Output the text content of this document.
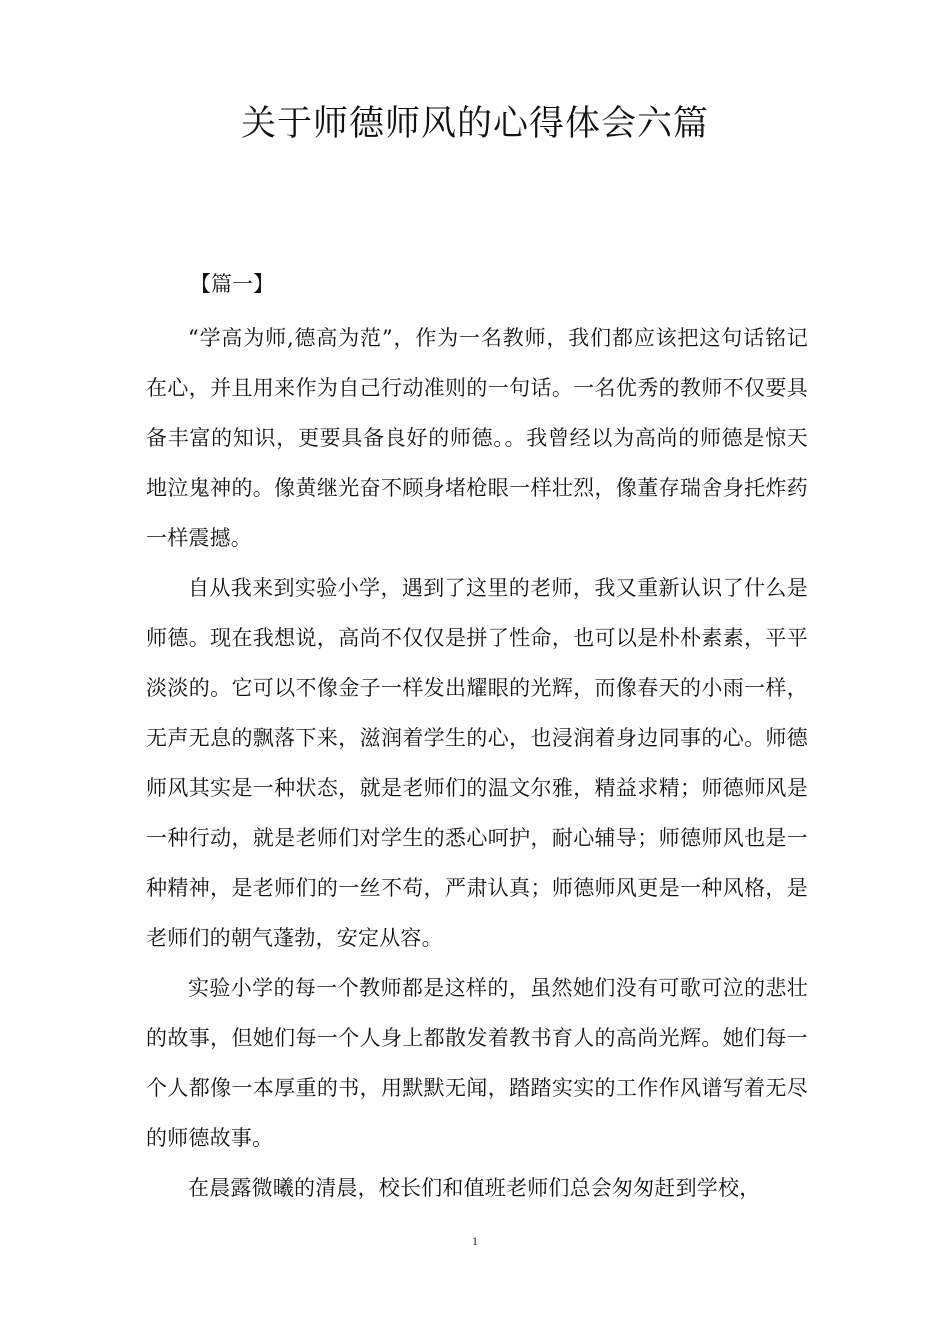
关于师德师风的心得体会六篇
【篇一】

“学高为师,德高为范”，作为一名教师，我们都应该把这句话铭记在心，并且用来作为自己行动准则的一句话。一名优秀的教师不仅要具备丰富的知识，更要具备良好的师德。。我曾经以为高尚的师德是惊天地泣鬼神的。像黄继光奋不顾身堵枪眼一样壮烈，像董存瑞舍身托炸药一样震撼。

自从我来到实验小学，遇到了这里的老师，我又重新认识了什么是师德。现在我想说，高尚不仅仅是拼了性命，也可以是朴朴素素，平平淡淡的。它可以不像金子一样发出耀眼的光辉，而像春天的小雨一样，无声无息的飘落下来，滋润着学生的心，也浸润着身边同事的心。师德师风其实是一种状态，就是老师们的温文尔雅，精益求精；师德师风是一种行动，就是老师们对学生的悉心呵护，耐心辅导；师德师风也是一种精神，是老师们的一丝不苟，严肃认真；师德师风更是一种风格，是老师们的朝气蓬勃，安定从容。

实验小学的每一个教师都是这样的，虽然她们没有可歌可泣的悲壮的故事，但她们每一个人身上都散发着教书育人的高尚光辉。她们每一个人都像一本厚重的书，用默默无闻，踏踏实实的工作作风谱写着无尽的师德故事。

在晨露微曦的清晨，校长们和值班老师们总会匆匆赶到学校，

1
